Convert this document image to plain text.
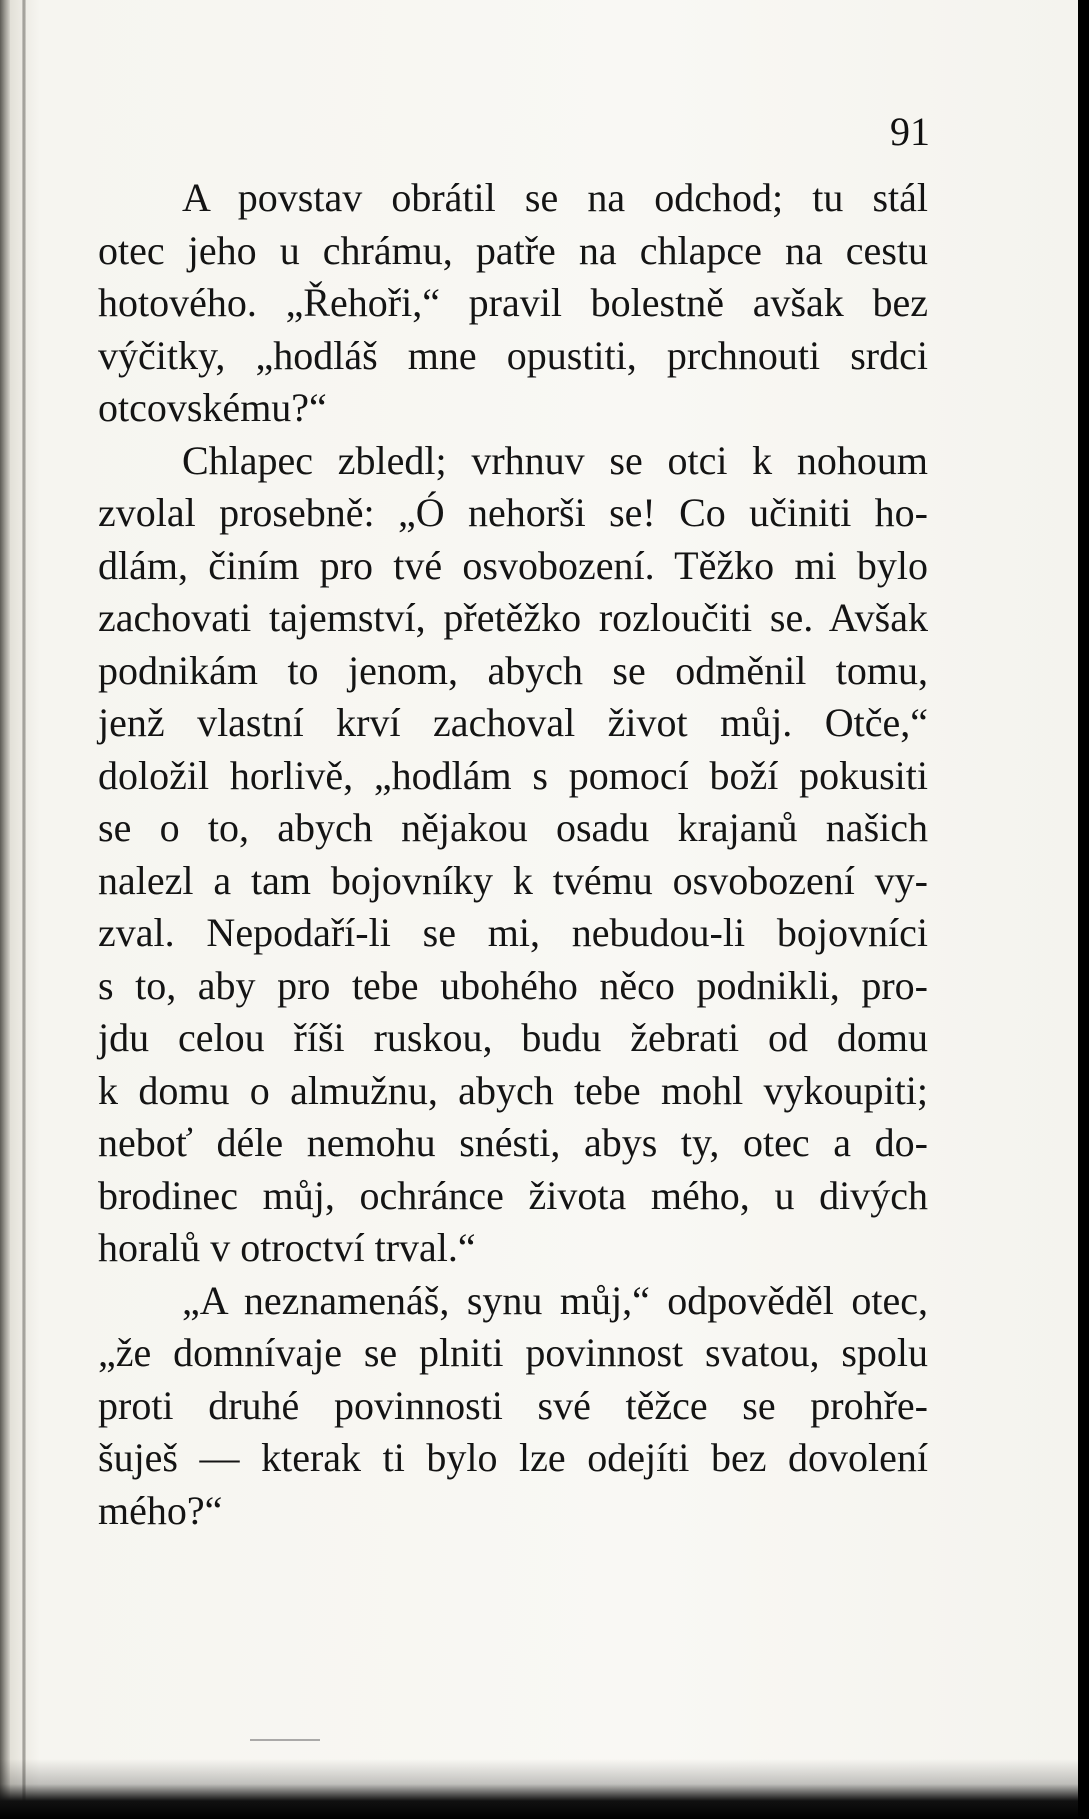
91
A povstav obrátil se na odchod; tu stál
otec jeho u chrámu, patře na chlapce na cestu
hotového. „Řehoři,“ pravil bolestně avšak bez
výčitky, „hodláš mne opustiti, prchnouti srdci
otcovskému?“
Chlapec zbledl; vrhnuv se otci k nohoum
zvolal prosebně: „Ó nehorši se! Co učiniti ho-
dlám, činím pro tvé osvobození. Těžko mi bylo
zachovati tajemství, přetěžko rozloučiti se. Avšak
podnikám to jenom, abych se odměnil tomu,
jenž vlastní krví zachoval život můj. Otče,“
doložil horlivě, „hodlám s pomocí boží pokusiti
se o to, abych nějakou osadu krajanů našich
nalezl a tam bojovníky k tvému osvobození vy-
zval. Nepodaří-li se mi, nebudou-li bojovníci
s to, aby pro tebe ubohého něco podnikli, pro-
jdu celou říši ruskou, budu žebrati od domu
k domu o almužnu, abych tebe mohl vykoupiti;
neboť déle nemohu snésti, abys ty, otec a do-
brodinec můj, ochránce života mého, u divých
horalů v otroctví trval.“
„A neznamenáš, synu můj,“ odpověděl otec,
„že domnívaje se plniti povinnost svatou, spolu
proti druhé povinnosti své těžce se prohře-
šuješ — kterak ti bylo lze odejíti bez dovolení
mého?“
